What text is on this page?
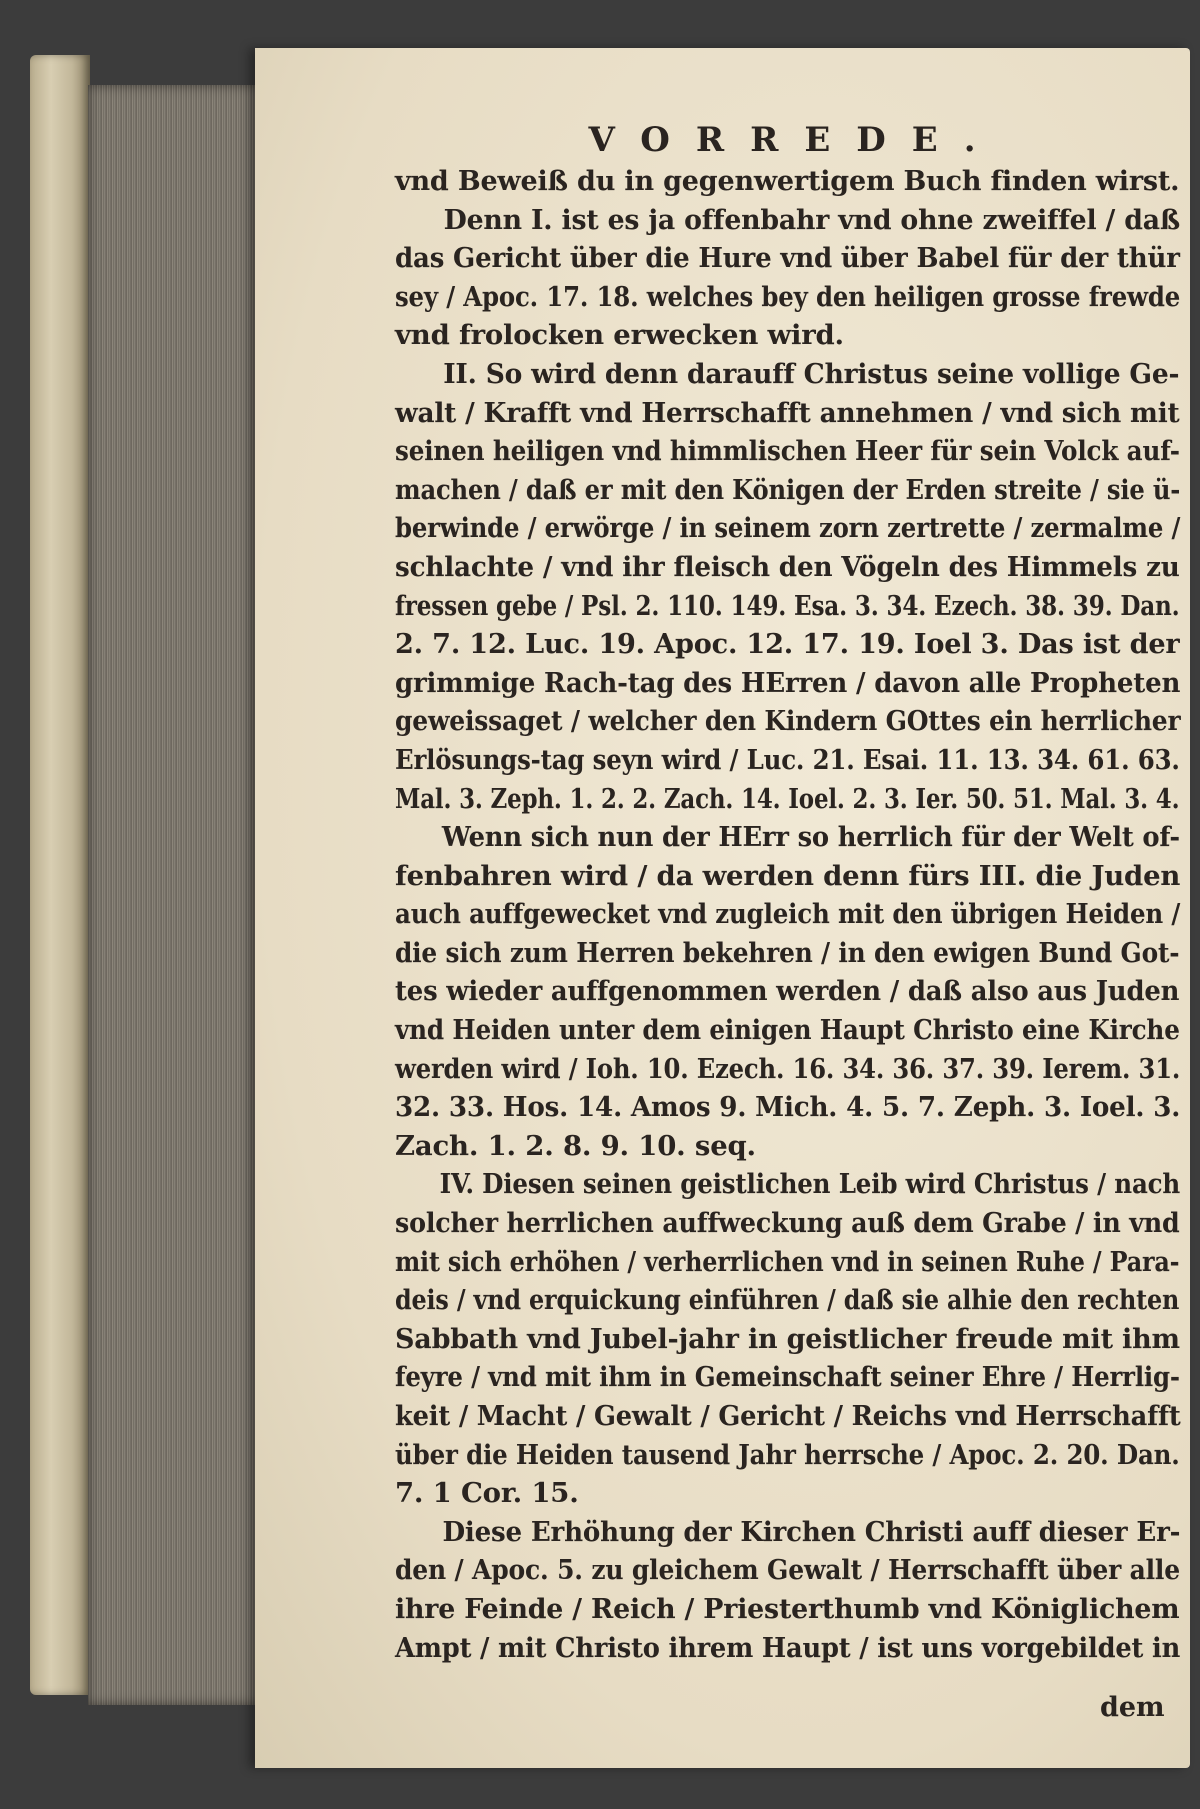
VORREDE.
vnd Beweiß du in gegenwertigem Buch finden wirst.
Denn I. ist es ja offenbahr vnd ohne zweiffel / daß
das Gericht über die Hure vnd über Babel für der thür
sey / Apoc. 17. 18. welches bey den heiligen grosse frewde
vnd frolocken erwecken wird.
II. So wird denn darauff Christus seine vollige Ge-
walt / Krafft vnd Herrschafft annehmen / vnd sich mit
seinen heiligen vnd himmlischen Heer für sein Volck auf-
machen / daß er mit den Königen der Erden streite / sie ü-
berwinde / erwörge / in seinem zorn zertrette / zermalme /
schlachte / vnd ihr fleisch den Vögeln des Himmels zu
fressen gebe / Psl. 2. 110. 149. Esa. 3. 34. Ezech. 38. 39. Dan.
2. 7. 12. Luc. 19. Apoc. 12. 17. 19. Ioel 3. Das ist der
grimmige Rach-tag des HErren / davon alle Propheten
geweissaget / welcher den Kindern GOttes ein herrlicher
Erlösungs-tag seyn wird / Luc. 21. Esai. 11. 13. 34. 61. 63.
Mal. 3. Zeph. 1. 2. 2. Zach. 14. Ioel. 2. 3. Ier. 50. 51. Mal. 3. 4.
Wenn sich nun der HErr so herrlich für der Welt of-
fenbahren wird / da werden denn fürs III. die Juden
auch auffgewecket vnd zugleich mit den übrigen Heiden /
die sich zum Herren bekehren / in den ewigen Bund Got-
tes wieder auffgenommen werden / daß also aus Juden
vnd Heiden unter dem einigen Haupt Christo eine Kirche
werden wird / Ioh. 10. Ezech. 16. 34. 36. 37. 39. Ierem. 31.
32. 33. Hos. 14. Amos 9. Mich. 4. 5. 7. Zeph. 3. Ioel. 3.
Zach. 1. 2. 8. 9. 10. seq.
IV. Diesen seinen geistlichen Leib wird Christus / nach
solcher herrlichen auffweckung auß dem Grabe / in vnd
mit sich erhöhen / verherrlichen vnd in seinen Ruhe / Para-
deis / vnd erquickung einführen / daß sie alhie den rechten
Sabbath vnd Jubel-jahr in geistlicher freude mit ihm
feyre / vnd mit ihm in Gemeinschaft seiner Ehre / Herrlig-
keit / Macht / Gewalt / Gericht / Reichs vnd Herrschafft
über die Heiden tausend Jahr herrsche / Apoc. 2. 20. Dan.
7. 1 Cor. 15.
Diese Erhöhung der Kirchen Christi auff dieser Er-
den / Apoc. 5. zu gleichem Gewalt / Herrschafft über alle
ihre Feinde / Reich / Priesterthumb vnd Königlichem
Ampt / mit Christo ihrem Haupt / ist uns vorgebildet in
dem
